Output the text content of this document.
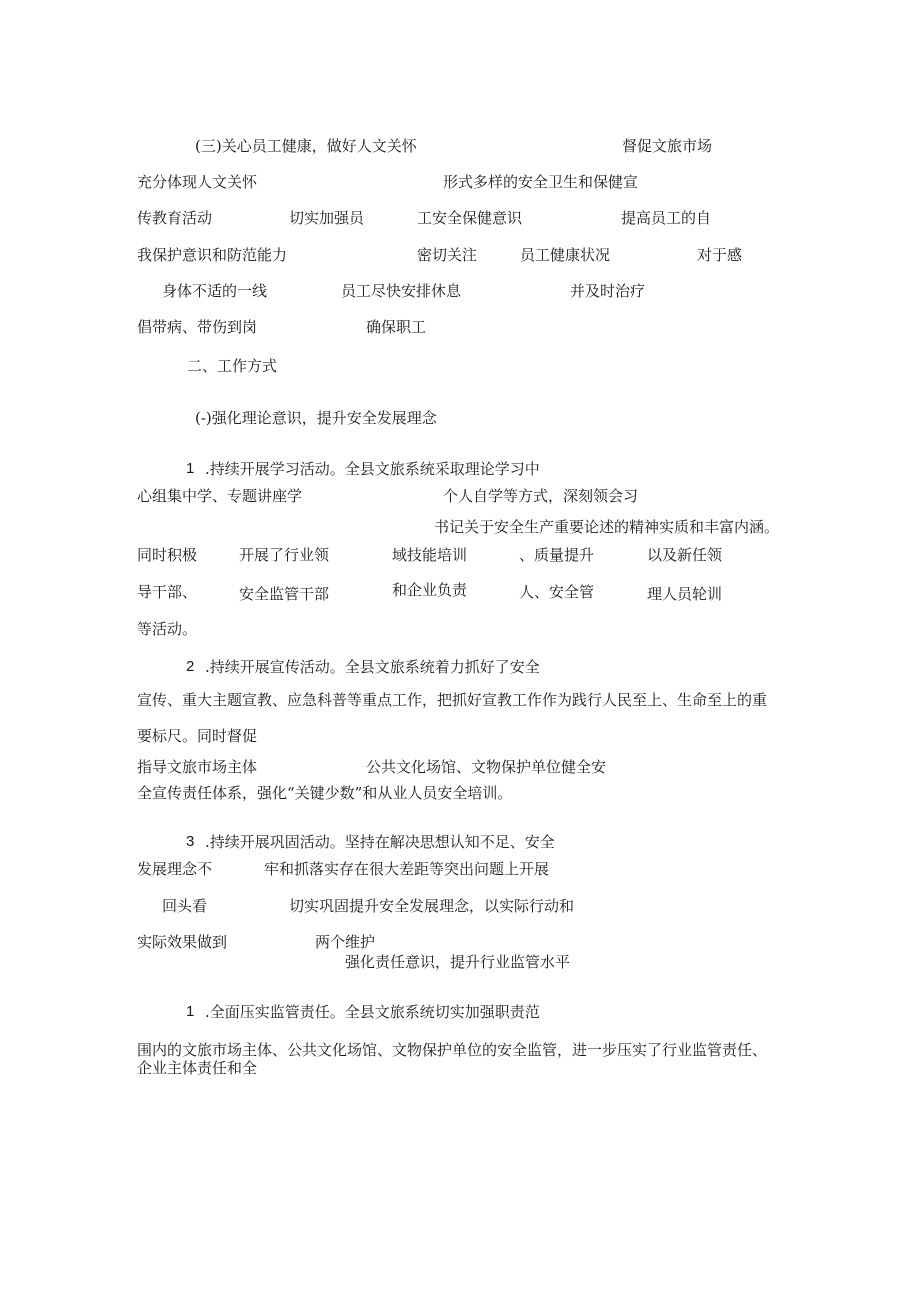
(三)关心员工健康，做好人文关怀	督促文旅市场
充分体现人文关怀	形式多样的安全卫生和保健宣
传教育活动	切实加强员	工安全保健意识	提高员工的自
我保护意识和防范能力	密切关注	员工健康状况	对于感
身体不适的一线	员工尽快安排休息	并及时治疗
倡带病、带伤到岗	确保职工
二、工作方式
(-)强化理论意识，提升安全发展理念
1 .持续开展学习活动。全县文旅系统采取理论学习中
心组集中学、专题讲座学	个人自学等方式，深刻领会习
书记关于安全生产重要论述的精神实质和丰富内涵。
同时积极	开展了行业领	域技能培训	、质量提升	以及新任领
导干部、	安全监管干部	和企业负责	人、安全管	理人员轮训
等活动。
2 .持续开展宣传活动。全县文旅系统着力抓好了安全
宣传、重大主题宣教、应急科普等重点工作，把抓好宣教工作作为践行人民至上、生命至上的重
要标尺。同时督促
指导文旅市场主体	公共文化场馆、文物保护单位健全安
全宣传责任体系，强化“关键少数”和从业人员安全培训。
3 .持续开展巩固活动。坚持在解决思想认知不足、安全
发展理念不	牢和抓落实存在很大差距等突出问题上开展
回头看	切实巩固提升安全发展理念，以实际行动和
实际效果做到	两个维护
强化责任意识，提升行业监管水平
1 .全面压实监管责任。全县文旅系统切实加强职责范
围内的文旅市场主体、公共文化场馆、文物保护单位的安全监管，进一步压实了行业监管责任、
企业主体责任和全
